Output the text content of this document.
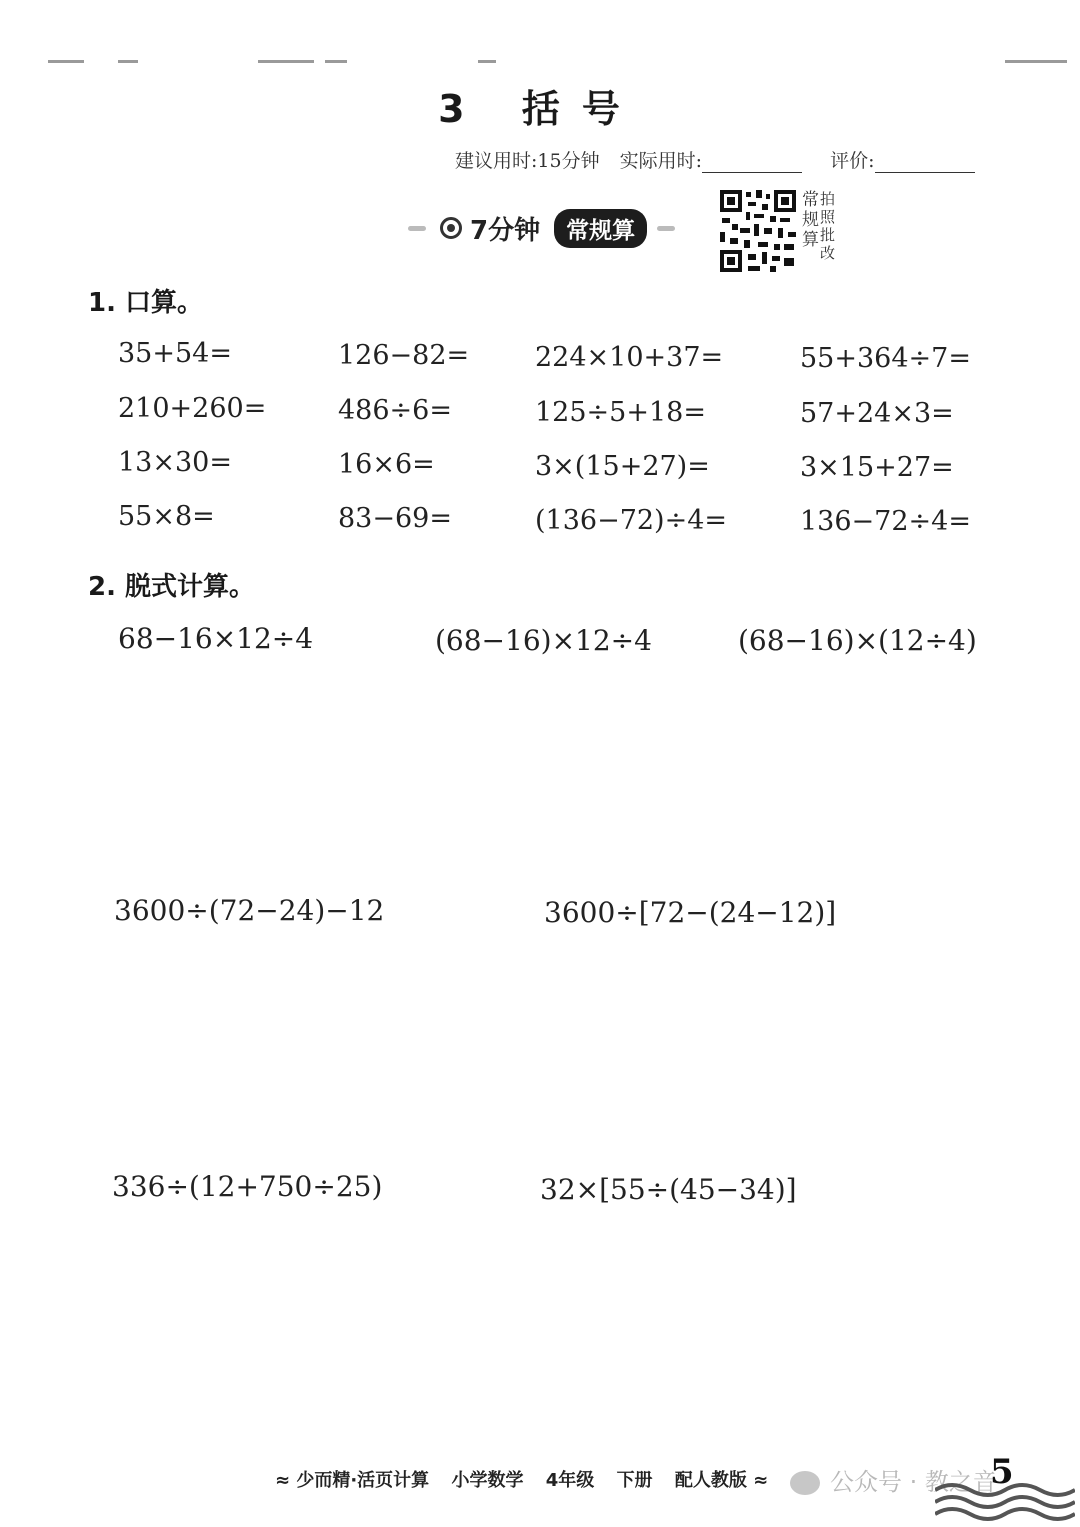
3 括号
建议用时:15分钟 实际用时:	评价:
7分钟	常规算
常规算
拍照批改
1. 口算。
35+54=	126−82= 224×10+37=	55+364÷7=
210+260=	486÷6=	125÷5+18=	57+24×3=
13×30=	16×6=	3×(15+27)=	3×15+27=
55×8=	83−69=	(136−72)÷4=	136−72÷4=
2. 脱式计算。
68−16×12÷4	(68−16)×12÷4	(68−16)×(12÷4)
3600÷(72−24)−12	3600÷[72−(24−12)]
336÷(12+750÷25)	32×[55÷(45−34)]
≈ 少而精·活页计算 小学数学 4年级 下册 配人教版 ≈	公众号 · 教之音
5
